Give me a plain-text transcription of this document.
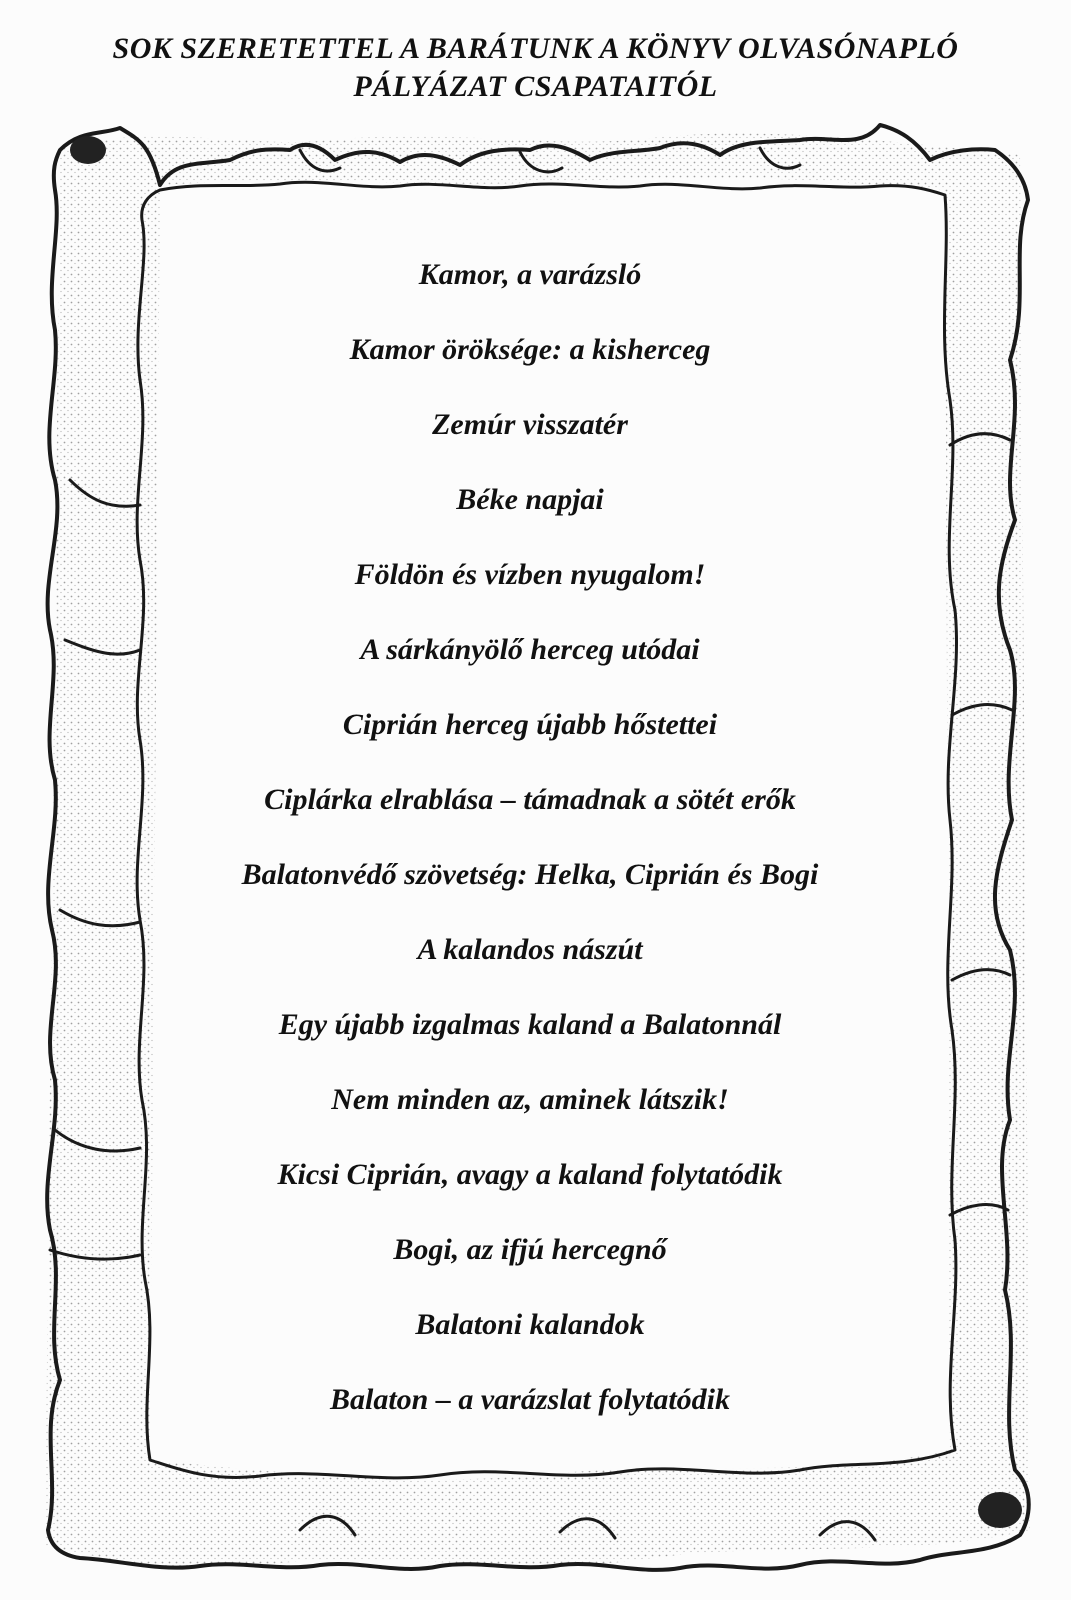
SOK SZERETETTEL A BARÁTUNK A KÖNYV OLVASÓNAPLÓ
PÁLYÁZAT CSAPATAITÓL
Kamor, a varázsló
Kamor öröksége: a kisherceg
Zemúr visszatér
Béke napjai
Földön és vízben nyugalom!
A sárkányölő herceg utódai
Ciprián herceg újabb hőstettei
Ciplárka elrablása – támadnak a sötét erők
Balatonvédő szövetség: Helka, Ciprián és Bogi
A kalandos nászút
Egy újabb izgalmas kaland a Balatonnál
Nem minden az, aminek látszik!
Kicsi Ciprián, avagy a kaland folytatódik
Bogi, az ifjú hercegnő
Balatoni kalandok
Balaton – a varázslat folytatódik
